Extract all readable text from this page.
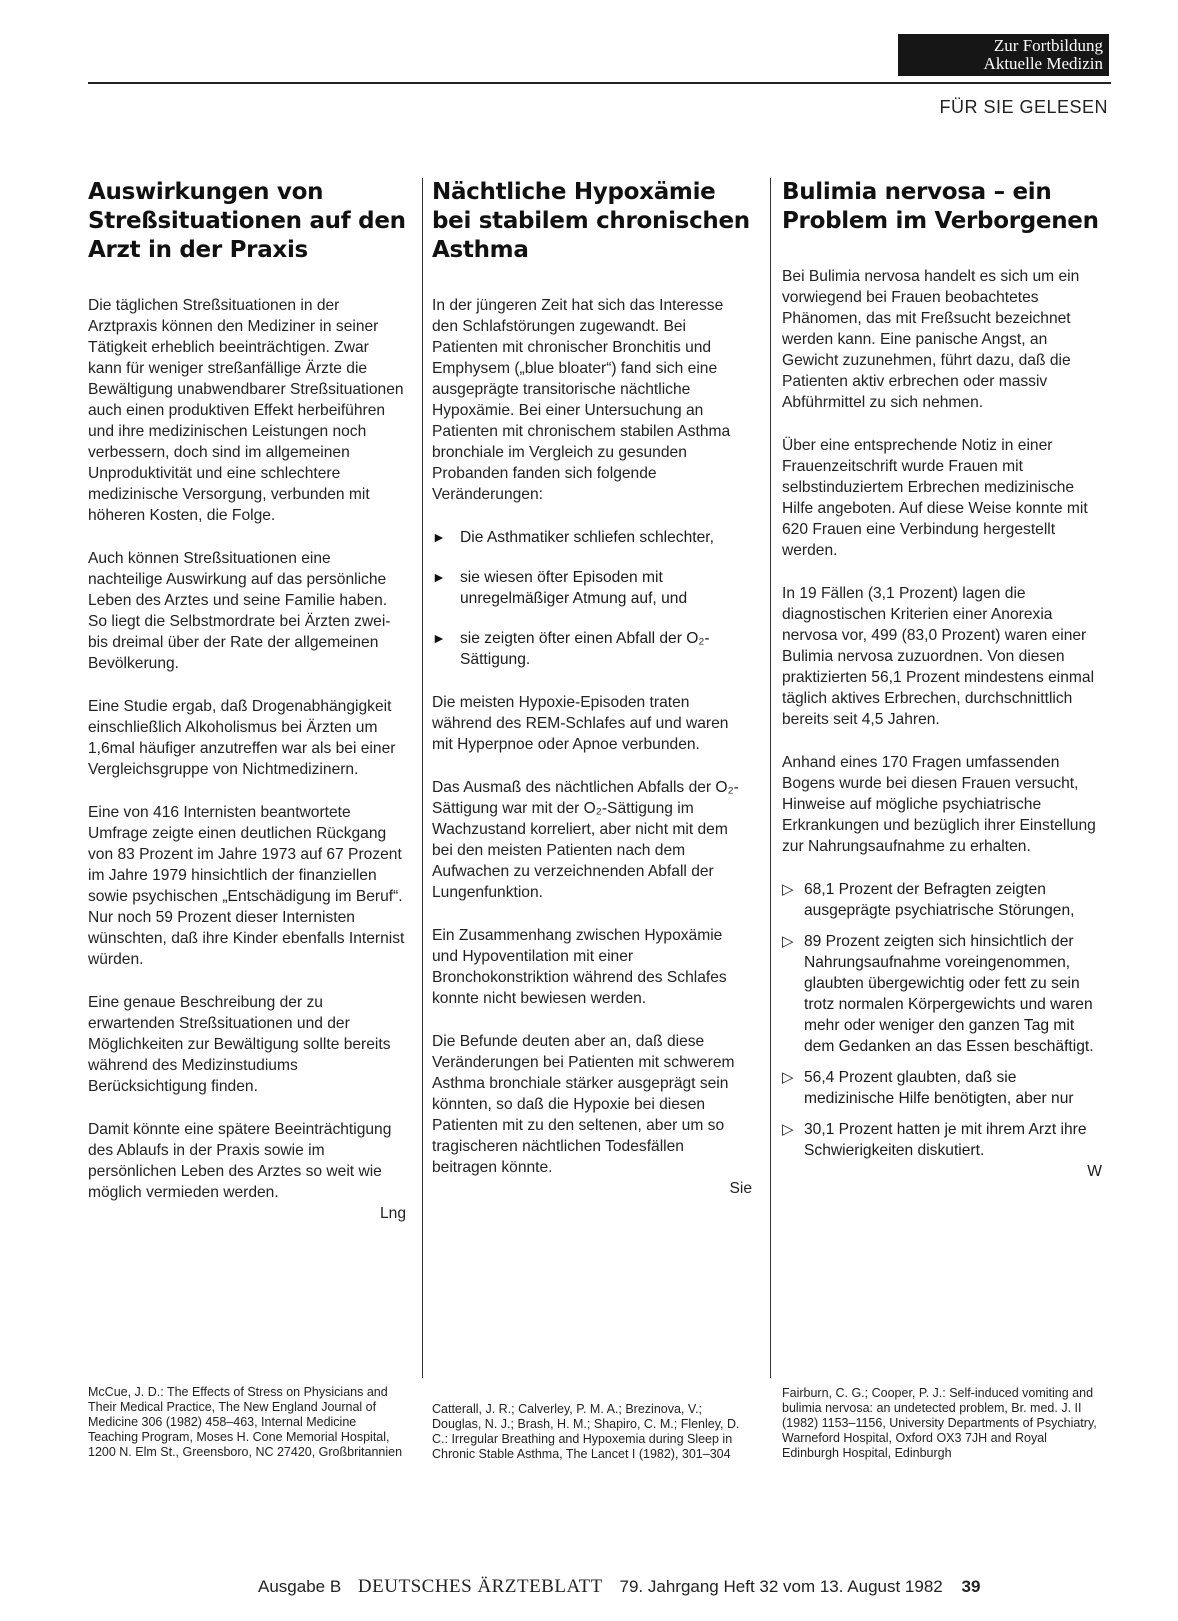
Zur Fortbildung
Aktuelle Medizin
FÜR SIE GELESEN
Auswirkungen von Streßsituationen auf den Arzt in der Praxis

Die täglichen Streßsituationen in der Arztpraxis können den Mediziner in seiner Tätigkeit erheblich beeinträchtigen. Zwar kann für weniger streßanfällige Ärzte die Bewältigung unabwendbarer Streßsituationen auch einen produktiven Effekt herbeiführen und ihre medizinischen Leistungen noch verbessern, doch sind im allgemeinen Unproduktivität und eine schlechtere medizinische Versorgung, verbunden mit höheren Kosten, die Folge.

Auch können Streßsituationen eine nachteilige Auswirkung auf das persönliche Leben des Arztes und seine Familie haben. So liegt die Selbstmordrate bei Ärzten zwei- bis dreimal über der Rate der allgemeinen Bevölkerung.

Eine Studie ergab, daß Drogenabhängigkeit einschließlich Alkoholismus bei Ärzten um 1,6mal häufiger anzutreffen war als bei einer Vergleichsgruppe von Nichtmedizinern.

Eine von 416 Internisten beantwortete Umfrage zeigte einen deutlichen Rückgang von 83 Prozent im Jahre 1973 auf 67 Prozent im Jahre 1979 hinsichtlich der finanziellen sowie psychischen „Entschädigung im Beruf“. Nur noch 59 Prozent dieser Internisten wünschten, daß ihre Kinder ebenfalls Internist würden.

Eine genaue Beschreibung der zu erwartenden Streßsituationen und der Möglichkeiten zur Bewältigung sollte bereits während des Medizinstudiums Berücksichtigung finden.

Damit könnte eine spätere Beeinträchtigung des Ablaufs in der Praxis sowie im persönlichen Leben des Arztes so weit wie möglich vermieden werden.
Lng

Nächtliche Hypoxämie bei stabilem chronischen Asthma

In der jüngeren Zeit hat sich das Interesse den Schlafstörungen zugewandt. Bei Patienten mit chronischer Bronchitis und Emphysem („blue bloater“) fand sich eine ausgeprägte transitorische nächtliche Hypoxämie. Bei einer Untersuchung an Patienten mit chronischem stabilen Asthma bronchiale im Vergleich zu gesunden Probanden fanden sich folgende Veränderungen:

► Die Asthmatiker schliefen schlechter,
► sie wiesen öfter Episoden mit unregelmäßiger Atmung auf, und
► sie zeigten öfter einen Abfall der O₂-Sättigung.

Die meisten Hypoxie-Episoden traten während des REM-Schlafes auf und waren mit Hyperpnoe oder Apnoe verbunden.

Das Ausmaß des nächtlichen Abfalls der O₂-Sättigung war mit der O₂-Sättigung im Wachzustand korreliert, aber nicht mit dem bei den meisten Patienten nach dem Aufwachen zu verzeichnenden Abfall der Lungenfunktion.

Ein Zusammenhang zwischen Hypoxämie und Hypoventilation mit einer Bronchokonstriktion während des Schlafes konnte nicht bewiesen werden.

Die Befunde deuten aber an, daß diese Veränderungen bei Patienten mit schwerem Asthma bronchiale stärker ausgeprägt sein könnten, so daß die Hypoxie bei diesen Patienten mit zu den seltenen, aber um so tragischeren nächtlichen Todesfällen beitragen könnte.
Sie

Bulimia nervosa – ein Problem im Verborgenen

Bei Bulimia nervosa handelt es sich um ein vorwiegend bei Frauen beobachtetes Phänomen, das mit Freßsucht bezeichnet werden kann. Eine panische Angst, an Gewicht zuzunehmen, führt dazu, daß die Patienten aktiv erbrechen oder massiv Abführmittel zu sich nehmen.

Über eine entsprechende Notiz in einer Frauenzeitschrift wurde Frauen mit selbstinduziertem Erbrechen medizinische Hilfe angeboten. Auf diese Weise konnte mit 620 Frauen eine Verbindung hergestellt werden.

In 19 Fällen (3,1 Prozent) lagen die diagnostischen Kriterien einer Anorexia nervosa vor, 499 (83,0 Prozent) waren einer Bulimia nervosa zuzuordnen. Von diesen praktizierten 56,1 Prozent mindestens einmal täglich aktives Erbrechen, durchschnittlich bereits seit 4,5 Jahren.

Anhand eines 170 Fragen umfassenden Bogens wurde bei diesen Frauen versucht, Hinweise auf mögliche psychiatrische Erkrankungen und bezüglich ihrer Einstellung zur Nahrungsaufnahme zu erhalten.

▷ 68,1 Prozent der Befragten zeigten ausgeprägte psychiatrische Störungen,
▷ 89 Prozent zeigten sich hinsichtlich der Nahrungsaufnahme voreingenommen, glaubten übergewichtig oder fett zu sein trotz normalen Körpergewichts und waren mehr oder weniger den ganzen Tag mit dem Gedanken an das Essen beschäftigt.
▷ 56,4 Prozent glaubten, daß sie medizinische Hilfe benötigten, aber nur
▷ 30,1 Prozent hatten je mit ihrem Arzt ihre Schwierigkeiten diskutiert.
W
McCue, J. D.: The Effects of Stress on Physicians and Their Medical Practice, The New England Journal of Medicine 306 (1982) 458–463, Internal Medicine Teaching Program, Moses H. Cone Memorial Hospital, 1200 N. Elm St., Greensboro, NC 27420, Großbritannien
Catterall, J. R.; Calverley, P. M. A.; Brezinova, V.; Douglas, N. J.; Brash, H. M.; Shapiro, C. M.; Flenley, D. C.: Irregular Breathing and Hypoxemia during Sleep in Chronic Stable Asthma, The Lancet I (1982), 301–304
Fairburn, C. G.; Cooper, P. J.: Self-induced vomiting and bulimia nervosa: an undetected problem, Br. med. J. II (1982) 1153–1156, University Departments of Psychiatry, Warneford Hospital, Oxford OX3 7JH and Royal Edinburgh Hospital, Edinburgh
Ausgabe B DEUTSCHES ÄRZTEBLATT 79. Jahrgang Heft 32 vom 13. August 1982 39
